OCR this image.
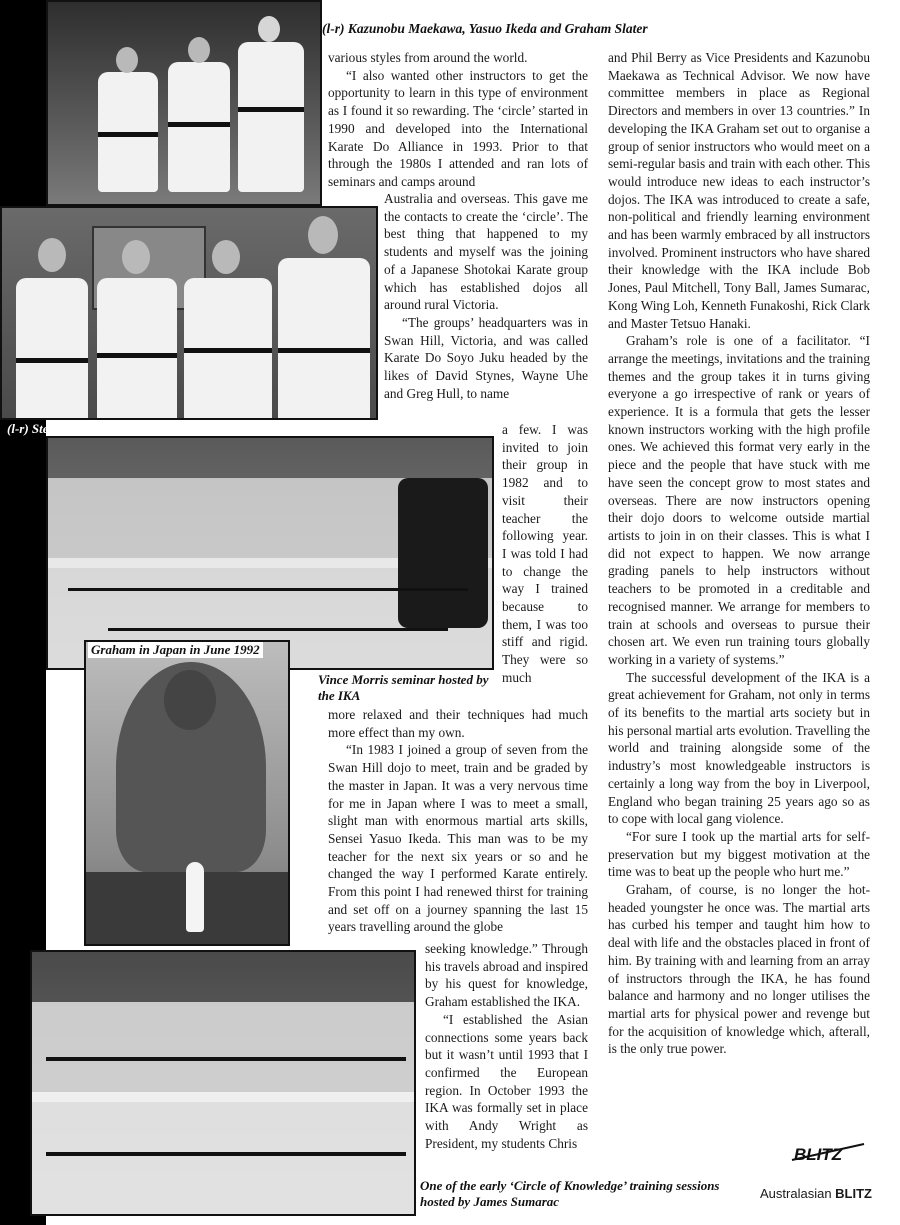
(l-r) Kazunobu Maekawa, Yasuo Ikeda and Graham Slater
(l-r) Steve Nedelkos, Andy Wright, Bob Jones and Graham Slater
Vince Morris seminar hosted by the IKA
Graham in Japan in June 1992
One of the early ‘Circle of Knowledge’ training sessions hosted by James Sumarac

various styles from around the world.

“I also wanted other instructors to get the opportunity to learn in this type of environment as I found it so rewarding. The ‘circle’ started in 1990 and developed into the International Karate Do Alliance in 1993. Prior to that through the 1980s I attended and ran lots of seminars and camps around

Australia and overseas. This gave me the contacts to create the ‘circle’. The best thing that happened to my students and myself was the joining of a Japanese Shotokai Karate group which has established dojos all around rural Victoria.

“The groups’ headquarters was in Swan Hill, Victoria, and was called Karate Do Soyo Juku headed by the likes of David Stynes, Wayne Uhe and Greg Hull, to name

a few. I was invited to join their group in 1982 and to visit their teacher the following year. I was told I had to change the way I trained because to them, I was too stiff and rigid. They were so much

more relaxed and their techniques had much more effect than my own.

“In 1983 I joined a group of seven from the Swan Hill dojo to meet, train and be graded by the master in Japan. It was a very nervous time for me in Japan where I was to meet a small, slight man with enormous martial arts skills, Sensei Yasuo Ikeda. This man was to be my teacher for the next six years or so and he changed the way I performed Karate entirely. From this point I had renewed thirst for training and set off on a journey spanning the last 15 years travelling around the globe

seeking knowledge.” Through his travels abroad and inspired by his quest for knowledge, Graham established the IKA.

“I established the Asian connections some years back but it wasn’t until 1993 that I confirmed the European region. In October 1993 the IKA was formally set in place with Andy Wright as President, my students Chris

and Phil Berry as Vice Presidents and Kazunobu Maekawa as Technical Advisor. We now have committee members in place as Regional Directors and members in over 13 countries.” In developing the IKA Graham set out to organise a group of senior instructors who would meet on a semi-regular basis and train with each other. This would introduce new ideas to each instructor’s dojos. The IKA was introduced to create a safe, non-political and friendly learning environment and has been warmly embraced by all instructors involved. Prominent instructors who have shared their knowledge with the IKA include Bob Jones, Paul Mitchell, Tony Ball, James Sumarac, Kong Wing Loh, Kenneth Funakoshi, Rick Clark and Master Tetsuo Hanaki.

Graham’s role is one of a facilitator. “I arrange the meetings, invitations and the training themes and the group takes it in turns giving everyone a go irrespective of rank or years of experience. It is a formula that gets the lesser known instructors working with the high profile ones. We achieved this format very early in the piece and the people that have stuck with me have seen the concept grow to most states and overseas. There are now instructors opening their dojo doors to welcome outside martial artists to join in on their classes. This is what I did not expect to happen. We now arrange grading panels to help instructors without teachers to be promoted in a creditable and recognised manner. We arrange for members to train at schools and overseas to pursue their chosen art. We even run training tours globally working in a variety of systems.”

The successful development of the IKA is a great achievement for Graham, not only in terms of its benefits to the martial arts society but in his personal martial arts evolution. Travelling the world and training alongside some of the industry’s most knowledgeable instructors is certainly a long way from the boy in Liverpool, England who began training 25 years ago so as to cope with local gang violence.

“For sure I took up the martial arts for self-preservation but my biggest motivation at the time was to beat up the people who hurt me.”

Graham, of course, is no longer the hot-headed youngster he once was. The martial arts has curbed his temper and taught him how to deal with life and the obstacles placed in front of him. By training with and learning from an array of instructors through the IKA, he has found balance and harmony and no longer utilises the martial arts for physical power and revenge but for the acquisition of knowledge which, afterall, is the only true power.

BLITZ
Australasian BLITZ
